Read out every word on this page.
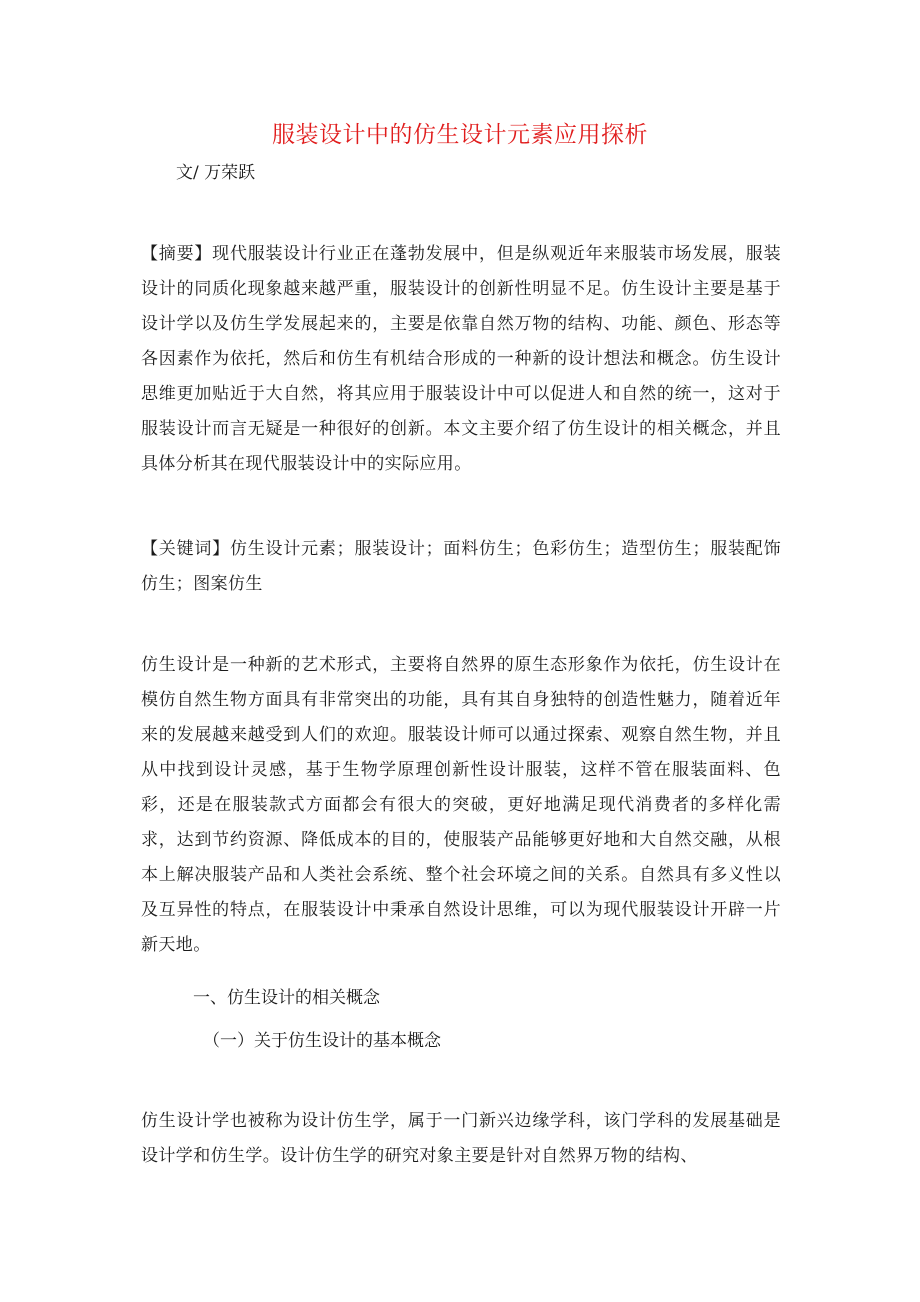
服装设计中的仿生设计元素应用探析
文/ 万荣跃
【摘要】现代服装设计行业正在蓬勃发展中，但是纵观近年来服装市场发展，服装设计的同质化现象越来越严重，服装设计的创新性明显不足。仿生设计主要是基于设计学以及仿生学发展起来的，主要是依靠自然万物的结构、功能、颜色、形态等各因素作为依托，然后和仿生有机结合形成的一种新的设计想法和概念。仿生设计思维更加贴近于大自然，将其应用于服装设计中可以促进人和自然的统一，这对于服装设计而言无疑是一种很好的创新。本文主要介绍了仿生设计的相关概念，并且具体分析其在现代服装设计中的实际应用。
【关键词】仿生设计元素；服装设计；面料仿生；色彩仿生；造型仿生；服装配饰仿生；图案仿生
仿生设计是一种新的艺术形式，主要将自然界的原生态形象作为依托，仿生设计在模仿自然生物方面具有非常突出的功能，具有其自身独特的创造性魅力，随着近年来的发展越来越受到人们的欢迎。服装设计师可以通过探索、观察自然生物，并且从中找到设计灵感，基于生物学原理创新性设计服装，这样不管在服装面料、色彩，还是在服装款式方面都会有很大的突破，更好地满足现代消费者的多样化需求，达到节约资源、降低成本的目的，使服装产品能够更好地和大自然交融，从根本上解决服装产品和人类社会系统、整个社会环境之间的关系。自然具有多义性以及互异性的特点，在服装设计中秉承自然设计思维，可以为现代服装设计开辟一片新天地。
一、仿生设计的相关概念
（一）关于仿生设计的基本概念
仿生设计学也被称为设计仿生学，属于一门新兴边缘学科，该门学科的发展基础是设计学和仿生学。设计仿生学的研究对象主要是针对自然界万物的结构、
